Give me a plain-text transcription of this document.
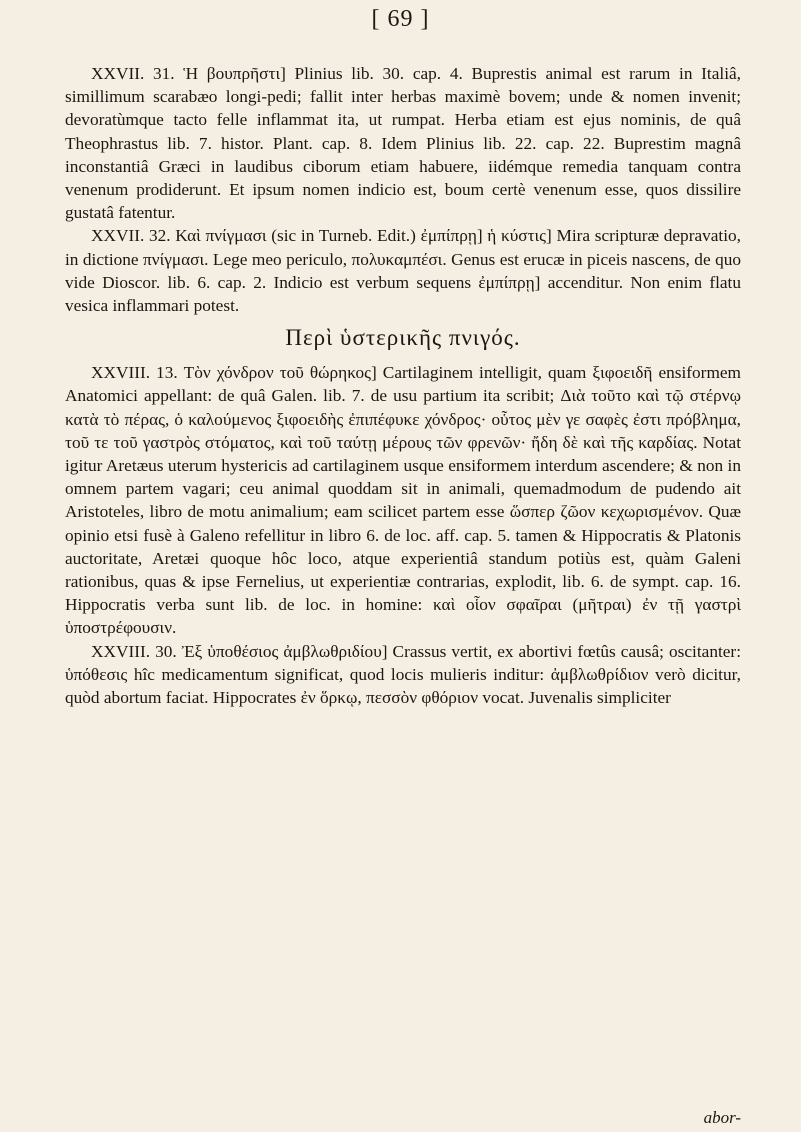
[ 69 ]

XXVII. 31. Ἡ βουπρῆστι] Plinius lib. 30. cap. 4. Buprestis animal est rarum in Italiâ, simillimum scarabæo longi-pedi; fallit inter herbas maximè bovem; unde & nomen invenit; devoratùmque tacto felle inflammat ita, ut rumpat. Herba etiam est ejus nominis, de quâ Theophrastus lib. 7. histor. Plant. cap. 8. Idem Plinius lib. 22. cap. 22. Buprestim magnâ inconstantiâ Græci in laudibus ciborum etiam habuere, iidémque remedia tanquam contra venenum prodiderunt. Et ipsum nomen indicio est, boum certè venenum esse, quos dissilire gustatâ fatentur.

XXVII. 32. Καὶ πνίγμασι (sic in Turneb. Edit.) ἐμπίπρῃ] ἡ κύστις] Mira scripturæ depravatio, in dictione πνίγμασι. Lege meo periculo, πολυκαμπέσι. Genus est erucæ in piceis nascens, de quo vide Dioscor. lib. 6. cap. 2. Indicio est verbum sequens ἐμπίπρῃ] accenditur. Non enim flatu vesica inflammari potest.

Περὶ ὑστερικῆς πνιγός.

XXVIII. 13. Τὸν χόνδρον τοῦ θώρηκος] Cartilaginem intelligit, quam ξιφοειδῆ ensiformem Anatomici appellant: de quâ Galen. lib. 7. de usu partium ita scribit; Διὰ τοῦτο καὶ τῷ στέρνῳ κατὰ τὸ πέρας, ὁ καλούμενος ξιφοειδὴς ἐπιπέφυκε χόνδρος· οὗτος μὲν γε σαφὲς ἐστι πρόβλημα, τοῦ τε τοῦ γαστρὸς στόματος, καὶ τοῦ ταύτῃ μέρους τῶν φρενῶν· ἤδη δὲ καὶ τῆς καρδίας. Notat igitur Aretæus uterum hystericis ad cartilaginem usque ensiformem interdum ascendere; & non in omnem partem vagari; ceu animal quoddam sit in animali, quemadmodum de pudendo ait Aristoteles, libro de motu animalium; eam scilicet partem esse ὥσπερ ζῶον κεχωρισμένον. Quæ opinio etsi fusè à Galeno refellitur in libro 6. de loc. aff. cap. 5. tamen & Hippocratis & Platonis auctoritate, Aretæi quoque hôc loco, atque experientiâ standum potiùs est, quàm Galeni rationibus, quas & ipse Fernelius, ut experientiæ contrarias, explodit, lib. 6. de sympt. cap. 16. Hippocratis verba sunt lib. de loc. in homine: καὶ οἷον σφαῖραι (μῆτραι) ἐν τῇ γαστρὶ ὑποστρέφουσιν.

XXVIII. 30. Ἐξ ὑποθέσιος ἀμβλωθριδίου] Crassus vertit, ex abortivi fœtûs causâ; oscitanter: ὑπόθεσις hîc medicamentum significat, quod locis mulieris inditur: ἀμβλωθρίδιον verò dicitur, quòd abortum faciat. Hippocrates ἐν ὅρκῳ, πεσσὸν φθόριον vocat. Juvenalis simpliciter

abor-
